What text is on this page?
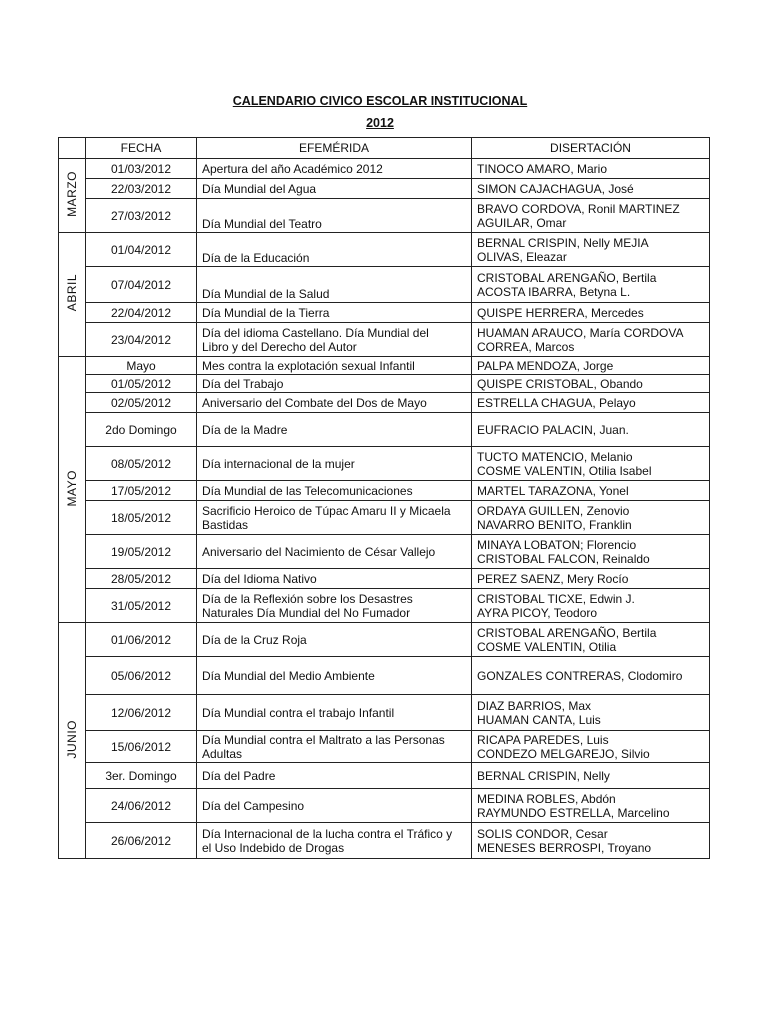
CALENDARIO CIVICO ESCOLAR INSTITUCIONAL
2012
	FECHA	EFEMÉRIDA	DISERTACIÓN
MARZO	01/03/2012	Apertura del año Académico 2012	TINOCO AMARO, Mario

	22/03/2012	Día Mundial del Agua	SIMON CAJACHAGUA, José

	27/03/2012	Día Mundial del Teatro	BRAVO CORDOVA, Ronil MARTINEZ
AGUILAR, Omar

ABRIL	01/04/2012	Día de la Educación	BERNAL CRISPIN, Nelly MEJIA
OLIVAS, Eleazar

	07/04/2012	Día Mundial de la Salud	CRISTOBAL ARENGAÑO, Bertila
ACOSTA IBARRA, Betyna L.

	22/04/2012	Día Mundial de la Tierra	QUISPE HERRERA, Mercedes

	23/04/2012	Día del idioma Castellano. Día Mundial del
Libro y del Derecho del Autor	HUAMAN ARAUCO, María CORDOVA
CORREA, Marcos

MAYO	Mayo	Mes contra la explotación sexual Infantil	PALPA MENDOZA, Jorge

	01/05/2012	Día del Trabajo	QUISPE CRISTOBAL, Obando

	02/05/2012	Aniversario del Combate del Dos de Mayo	ESTRELLA CHAGUA, Pelayo

	2do Domingo	Día de la Madre	EUFRACIO PALACIN, Juan.

	08/05/2012	Día internacional de la mujer	TUCTO MATENCIO, Melanio
COSME VALENTIN, Otilia Isabel

	17/05/2012	Día Mundial de las Telecomunicaciones	MARTEL TARAZONA, Yonel

	18/05/2012	Sacrificio Heroico de Túpac Amaru II y Micaela
Bastidas	ORDAYA GUILLEN, Zenovio
NAVARRO BENITO, Franklin

	19/05/2012	Aniversario del Nacimiento de César Vallejo	MINAYA LOBATON; Florencio
CRISTOBAL FALCON, Reinaldo

	28/05/2012	Día del Idioma Nativo	PEREZ SAENZ, Mery Rocío

	31/05/2012	Día de la Reflexión sobre los Desastres
Naturales Día Mundial del No Fumador	CRISTOBAL TICXE, Edwin J.
AYRA PICOY, Teodoro

JUNIO	01/06/2012	Día de la Cruz Roja	CRISTOBAL ARENGAÑO, Bertila
COSME VALENTIN, Otilia

	05/06/2012	Día Mundial del Medio Ambiente	GONZALES CONTRERAS, Clodomiro

	12/06/2012	Día Mundial contra el trabajo Infantil	DIAZ BARRIOS, Max
HUAMAN CANTA, Luis

	15/06/2012	Día Mundial contra el Maltrato a las Personas
Adultas	RICAPA PAREDES, Luis
CONDEZO MELGAREJO, Silvio

	3er. Domingo	Día del Padre	BERNAL CRISPIN, Nelly

	24/06/2012	Día del Campesino	MEDINA ROBLES, Abdón
RAYMUNDO ESTRELLA, Marcelino

	26/06/2012	Día Internacional de la lucha contra el Tráfico y
el Uso Indebido de Drogas	SOLIS CONDOR, Cesar
MENESES BERROSPI, Troyano
